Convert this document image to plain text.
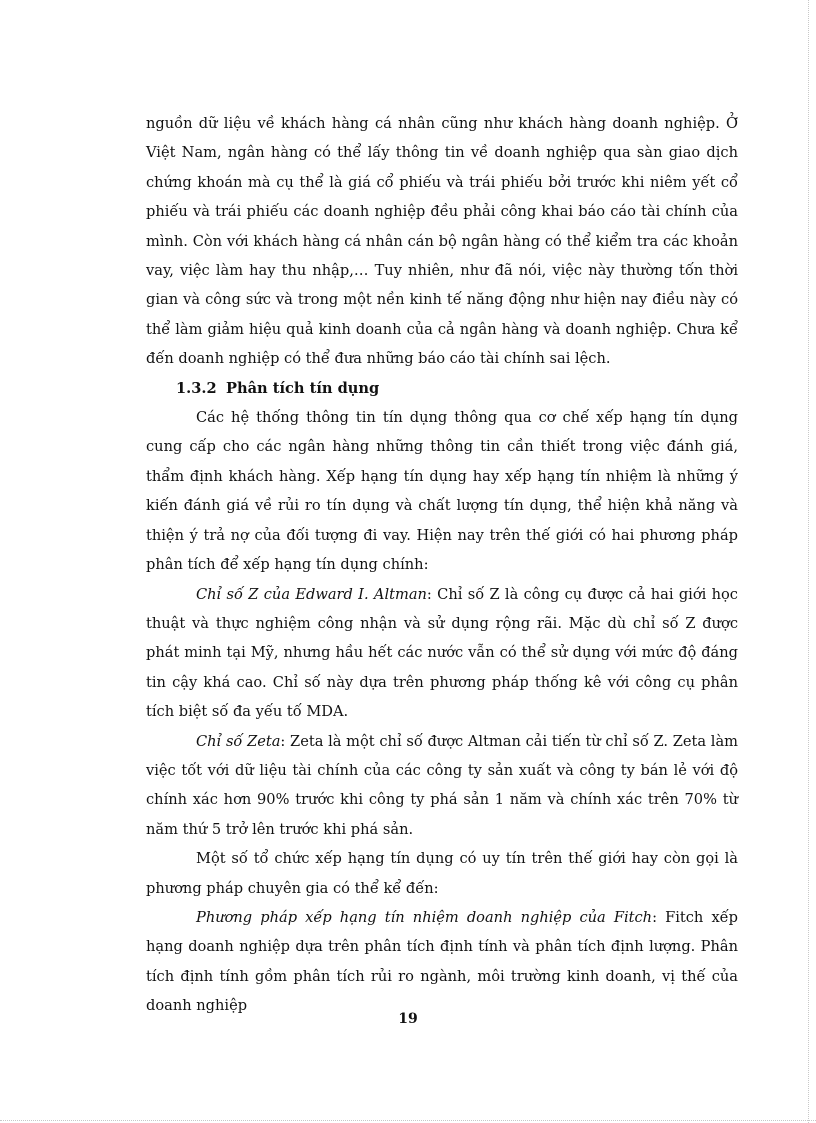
nguồn dữ liệu về khách hàng cá nhân cũng như khách hàng doanh nghiệp. Ở Việt Nam, ngân hàng có thể lấy thông tin về doanh nghiệp qua sàn giao dịch chứng khoán mà cụ thể là giá cổ phiếu và trái phiếu bởi trước khi niêm yết cổ phiếu và trái phiếu các doanh nghiệp đều phải công khai báo cáo tài chính của mình. Còn với khách hàng cá nhân cán bộ ngân hàng có thể kiểm tra các khoản vay, việc làm hay thu nhập,… Tuy nhiên, như đã nói, việc này thường tốn thời gian và công sức và trong một nền kinh tế năng động như hiện nay điều này có thể làm giảm hiệu quả kinh doanh của cả ngân hàng và doanh nghiệp. Chưa kể đến doanh nghiệp có thể đưa những báo cáo tài chính sai lệch.

1.3.2 Phân tích tín dụng

Các hệ thống thông tin tín dụng thông qua cơ chế xếp hạng tín dụng cung cấp cho các ngân hàng những thông tin cần thiết trong việc đánh giá, thẩm định khách hàng. Xếp hạng tín dụng hay xếp hạng tín nhiệm là những ý kiến đánh giá về rủi ro tín dụng và chất lượng tín dụng, thể hiện khả năng và thiện ý trả nợ của đối tượng đi vay. Hiện nay trên thế giới có hai phương pháp phân tích để xếp hạng tín dụng chính:

Chỉ số Z của Edward I. Altman: Chỉ số Z là công cụ được cả hai giới học thuật và thực nghiệm công nhận và sử dụng rộng rãi. Mặc dù chỉ số Z được phát minh tại Mỹ, nhưng hầu hết các nước vẫn có thể sử dụng với mức độ đáng tin cậy khá cao. Chỉ số này dựa trên phương pháp thống kê với công cụ phân tích biệt số đa yếu tố MDA.

Chỉ số Zeta: Zeta là một chỉ số được Altman cải tiến từ chỉ số Z. Zeta làm việc tốt với dữ liệu tài chính của các công ty sản xuất và công ty bán lẻ với độ chính xác hơn 90% trước khi công ty phá sản 1 năm và chính xác trên 70% từ năm thứ 5 trở lên trước khi phá sản.

Một số tổ chức xếp hạng tín dụng có uy tín trên thế giới hay còn gọi là phương pháp chuyên gia có thể kể đến:

Phương pháp xếp hạng tín nhiệm doanh nghiệp của Fitch: Fitch xếp hạng doanh nghiệp dựa trên phân tích định tính và phân tích định lượng. Phân tích định tính gồm phân tích rủi ro ngành, môi trường kinh doanh, vị thế của doanh nghiệp

19
